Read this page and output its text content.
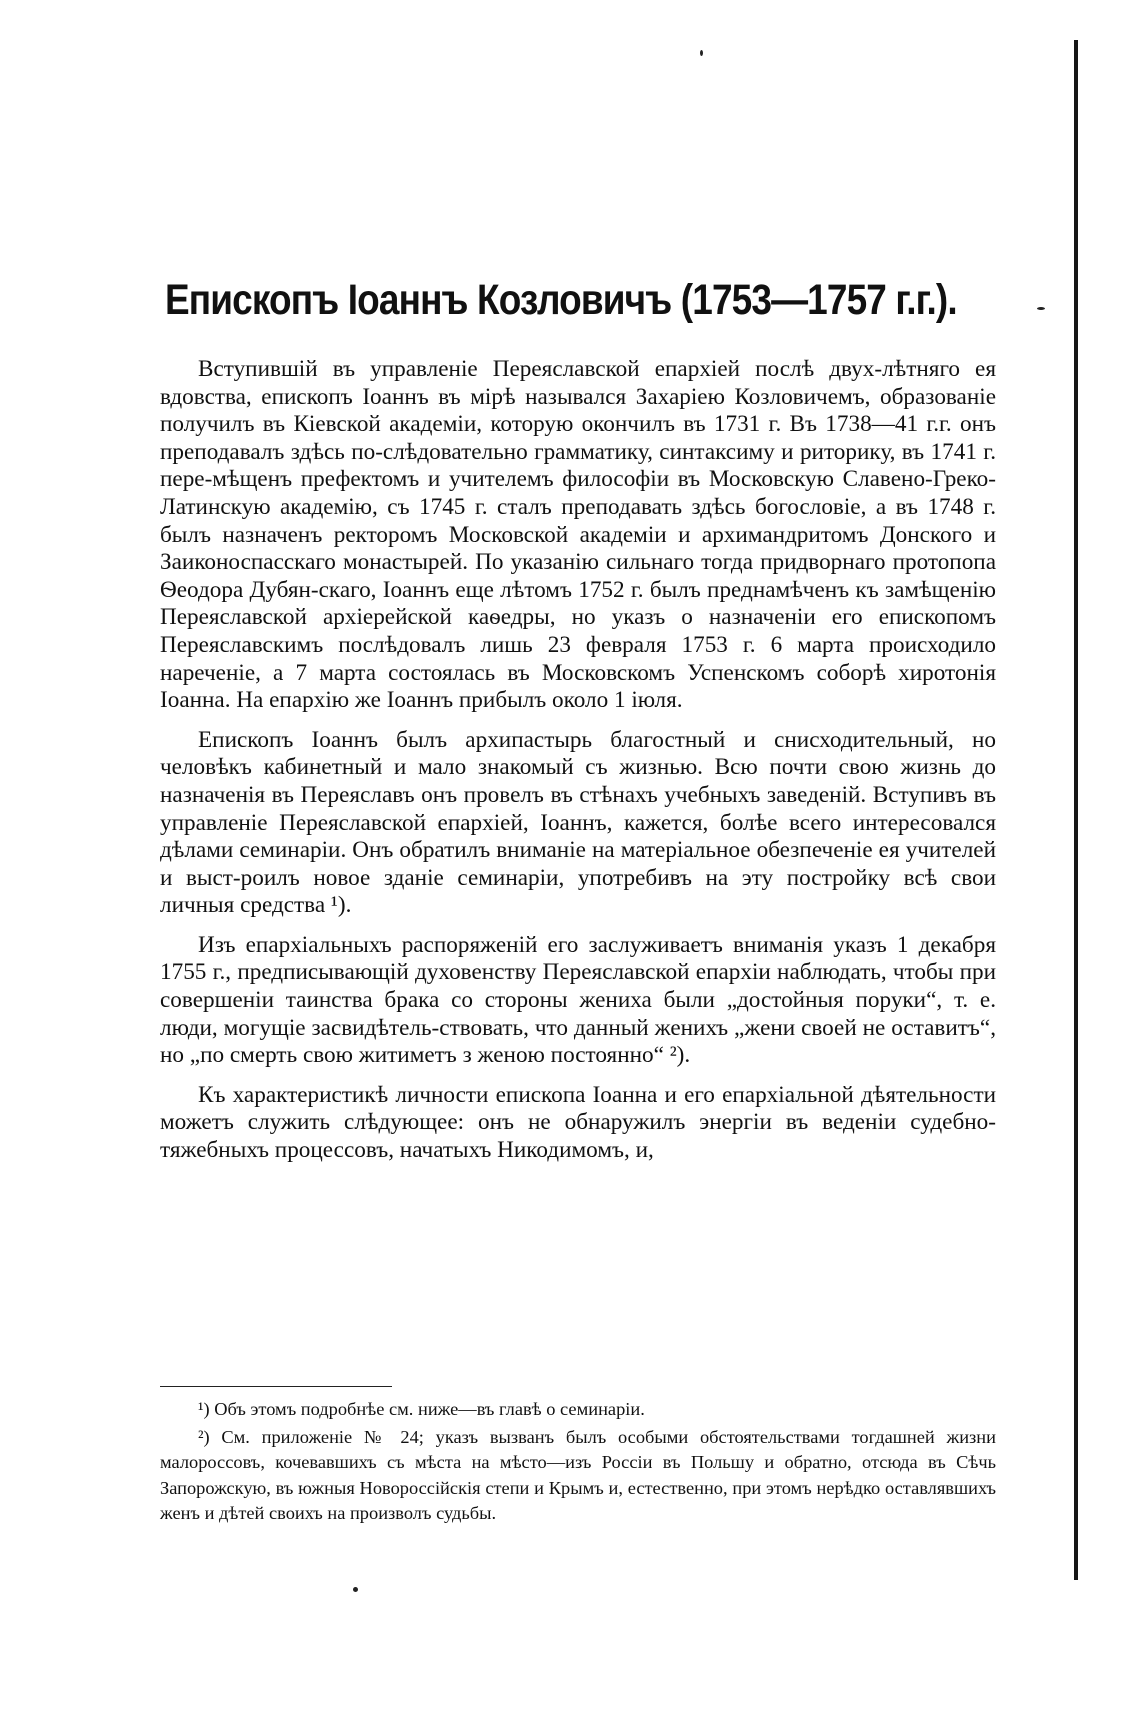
Епископъ Іоаннъ Козловичъ (1753—1757 г.г.).

Вступившій въ управленіе Переяславской епархіей послѣ двух-лѣтняго ея вдовства, епископъ Іоаннъ въ мірѣ назывался Захаріею Козловичемъ, образованіе получилъ въ Кіевской академіи, которую окончилъ въ 1731 г. Въ 1738—41 г.г. онъ преподавалъ здѣсь по-слѣдовательно грамматику, синтаксиму и риторику, въ 1741 г. пере-мѣщенъ префектомъ и учителемъ философіи въ Московскую Славено-Греко-Латинскую академію, съ 1745 г. сталъ преподавать здѣсь богословіе, а въ 1748 г. былъ назначенъ ректоромъ Московской академіи и архимандритомъ Донского и Заиконоспасскаго монастырей. По указанію сильнаго тогда придворнаго протопопа Ѳеодора Дубян-скаго, Іоаннъ еще лѣтомъ 1752 г. былъ преднамѣченъ къ замѣщенію Переяславской архіерейской каѳедры, но указъ о назначеніи его епископомъ Переяславскимъ послѣдовалъ лишь 23 февраля 1753 г. 6 марта происходило нареченіе, а 7 марта состоялась въ Московскомъ Успенскомъ соборѣ хиротонія Іоанна. На епархію же Іоаннъ прибылъ около 1 іюля.

Епископъ Іоаннъ былъ архипастырь благостный и снисходительный, но человѣкъ кабинетный и мало знакомый съ жизнью. Всю почти свою жизнь до назначенія въ Переяславъ онъ провелъ въ стѣнахъ учебныхъ заведеній. Вступивъ въ управленіе Переяславской епархіей, Іоаннъ, кажется, болѣе всего интересовался дѣлами семинаріи. Онъ обратилъ вниманіе на матеріальное обезпеченіе ея учителей и выст-роилъ новое зданіе семинаріи, употребивъ на эту постройку всѣ свои личныя средства ¹).

Изъ епархіальныхъ распоряженій его заслуживаетъ вниманія указъ 1 декабря 1755 г., предписывающій духовенству Переяславской епархіи наблюдать, чтобы при совершеніи таинства брака со стороны жениха были „достойныя поруки“, т. е. люди, могущіе засвидѣтель-ствовать, что данный женихъ „жени своей не оставитъ“, но „по смерть свою житиметъ з женою постоянно“ ²).

Къ характеристикѣ личности епископа Іоанна и его епархіальной дѣятельности можетъ служить слѣдующее: онъ не обнаружилъ энергіи въ веденіи судебно-тяжебныхъ процессовъ, начатыхъ Никодимомъ, и,

¹) Объ этомъ подробнѣе см. ниже—въ главѣ о семинаріи.

²) См. приложеніе № 24; указъ вызванъ былъ особыми обстоятельствами тогдашней жизни малороссовъ, кочевавшихъ съ мѣста на мѣсто—изъ Россіи въ Польшу и обратно, отсюда въ Сѣчь Запорожскую, въ южныя Новороссійскія степи и Крымъ и, естественно, при этомъ нерѣдко оставлявшихъ женъ и дѣтей своихъ на произволъ судьбы.
